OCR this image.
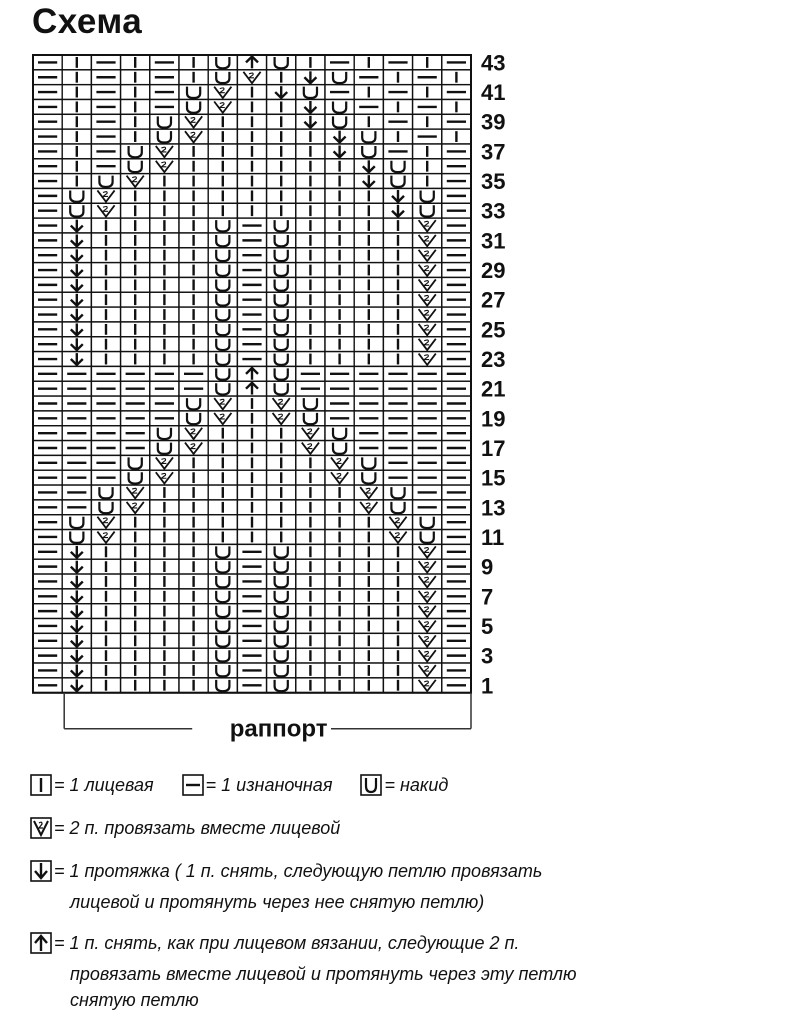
Схема
43
41
39
37
35
33
31
29
27
25
23
21
19
17
15
13
11
9
7
5
3
1
раппорт
= 1 лицевая	= 1 изнаночная	= накид
= 2 п. провязать вместе лицевой
= 1 протяжка ( 1 п. снять, следующую петлю провязать
лицевой и протянуть через нее снятую петлю)
= 1 п. снять, как при лицевом вязании, следующие 2 п.
провязать вместе лицевой и протянуть через эту петлю
снятую петлю
